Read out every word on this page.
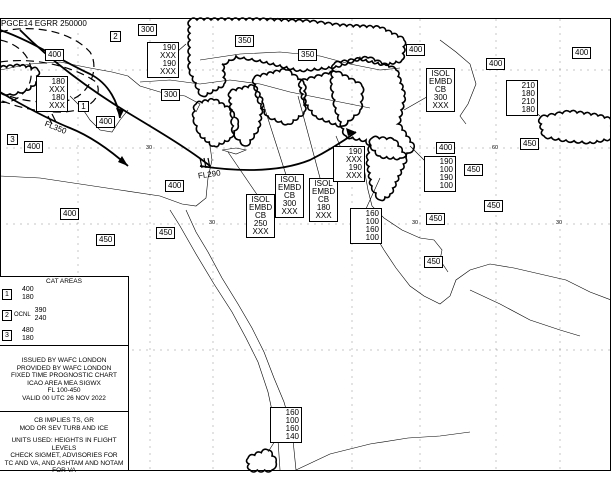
PGCE14 EGRR 250000
300
400
350
350
400	400
400
300
400
400	400	450
400
450
450
400
450
450
450
450
FL350
FL290
2
1
3
ISOL
EMBD
CB
300
XXX
ISOL
EMBD
CB
300
XXX
ISOL
EMBD
CB
180
XXX
ISOL
EMBD
CB
250
XXX
190
XXX
190
XXX
180
XXX
180
XXX
190
XXX
190
XXX
190
100
190
100
160
100
160
100
210
180
210
180
160
100
160
140
30
30	30
60
30
CAT AREAS
1
400
180
2 OCNL
390
240
3
480
180
ISSUED BY WAFC LONDON
PROVIDED BY WAFC LONDON
FIXED TIME PROGNOSTIC CHART
ICAO AREA MEA SIGWX
FL 100-450
VALID 00 UTC 26 NOV 2022
CB IMPLIES TS, GR
MOD OR SEV TURB AND ICE
UNITS USED: HEIGHTS IN FLIGHT LEVELS
CHECK SIGMET, ADVISORIES FOR
TC AND VA, AND ASHTAM AND NOTAM FOR VA
